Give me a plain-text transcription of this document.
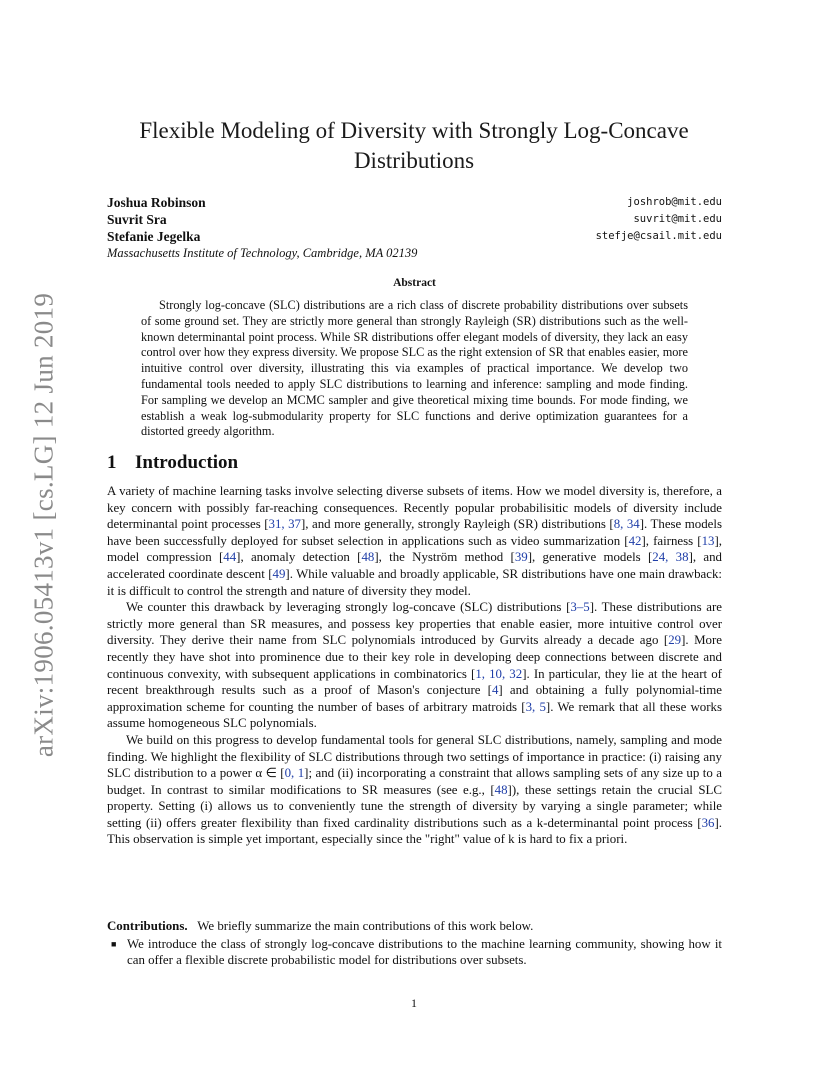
arXiv:1906.05413v1 [cs.LG] 12 Jun 2019
Flexible Modeling of Diversity with Strongly Log-Concave
Distributions
Joshua Robinson	joshrob@mit.edu
Suvrit Sra	suvrit@mit.edu
Stefanie Jegelka	stefje@csail.mit.edu
Massachusetts Institute of Technology, Cambridge, MA 02139
Abstract

Strongly log-concave (SLC) distributions are a rich class of discrete probability distributions over subsets of some ground set. They are strictly more general than strongly Rayleigh (SR) distributions such as the well-known determinantal point process. While SR distributions offer elegant models of diversity, they lack an easy control over how they express diversity. We propose SLC as the right extension of SR that enables easier, more intuitive control over diversity, illustrating this via examples of practical importance. We develop two fundamental tools needed to apply SLC distributions to learning and inference: sampling and mode finding. For sampling we develop an MCMC sampler and give theoretical mixing time bounds. For mode finding, we establish a weak log-submodularity property for SLC functions and derive optimization guarantees for a distorted greedy algorithm.

1 Introduction

A variety of machine learning tasks involve selecting diverse subsets of items. How we model diversity is, therefore, a key concern with possibly far-reaching consequences. Recently popular probabilisitic models of diversity include determinantal point processes [31, 37], and more generally, strongly Rayleigh (SR) distributions [8, 34]. These models have been successfully deployed for subset selection in applications such as video summarization [42], fairness [13], model compression [44], anomaly detection [48], the Nyström method [39], generative models [24, 38], and accelerated coordinate descent [49]. While valuable and broadly applicable, SR distributions have one main drawback: it is difficult to control the strength and nature of diversity they model.

We counter this drawback by leveraging strongly log-concave (SLC) distributions [3–5]. These distributions are strictly more general than SR measures, and possess key properties that enable easier, more intuitive control over diversity. They derive their name from SLC polynomials introduced by Gurvits already a decade ago [29]. More recently they have shot into prominence due to their key role in developing deep connections between discrete and continuous convexity, with subsequent applications in combinatorics [1, 10, 32]. In particular, they lie at the heart of recent breakthrough results such as a proof of Mason's conjecture [4] and obtaining a fully polynomial-time approximation scheme for counting the number of bases of arbitrary matroids [3, 5]. We remark that all these works assume homogeneous SLC polynomials.

We build on this progress to develop fundamental tools for general SLC distributions, namely, sampling and mode finding. We highlight the flexibility of SLC distributions through two settings of importance in practice: (i) raising any SLC distribution to a power α ∈ [0, 1]; and (ii) incorporating a constraint that allows sampling sets of any size up to a budget. In contrast to similar modifications to SR measures (see e.g., [48]), these settings retain the crucial SLC property. Setting (i) allows us to conveniently tune the strength of diversity by varying a single parameter; while setting (ii) offers greater flexibility than fixed cardinality distributions such as a k-determinantal point process [36]. This observation is simple yet important, especially since the "right" value of k is hard to fix a priori.

Contributions. We briefly summarize the main contributions of this work below.

■ We introduce the class of strongly log-concave distributions to the machine learning community, showing how it can offer a flexible discrete probabilistic model for distributions over subsets.
1
